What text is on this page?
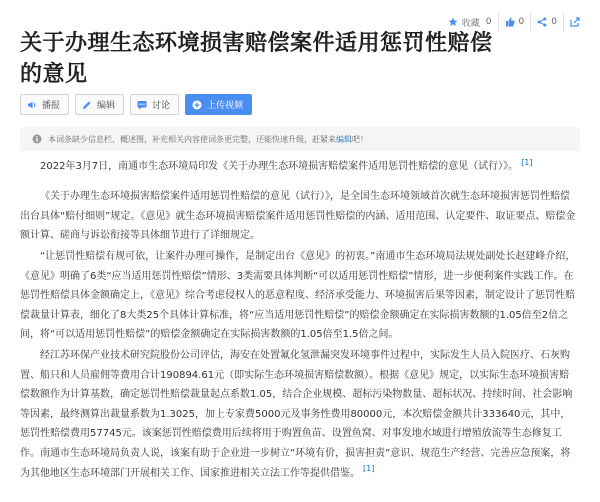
收藏 0	0	0
关于办理生态环境损害赔偿案件适用惩罚性赔偿的意见
播报	编辑	讨论	上传视频
本词条缺少信息栏、概述图，补充相关内容使词条更完整，还能快速升级，赶紧来 编辑 吧！
2022年3月7日，南通市生态环境局印发《关于办理生态环境损害赔偿案件适用惩罚性赔偿的意见（试行）》。 [1]
《关于办理生态环境损害赔偿案件适用惩罚性赔偿的意见（试行）》，是全国生态环境领域首次就生态环境损害惩罚性赔偿出台具体“赔付细则”规定。《意见》就生态环境损害赔偿案件适用惩罚性赔偿的内涵、适用范围、认定要件、取证要点、赔偿金额计算、磋商与诉讼衔接等具体细节进行了详细规定。
“让惩罚性赔偿有规可依，让案件办理可操作，是制定出台《意见》的初衷。”南通市生态环境局法规处副处长赵建峰介绍，《意见》明确了6类“应当适用惩罚性赔偿”情形、3类需要具体判断“可以适用惩罚性赔偿”情形，进一步便利案件实践工作。在惩罚性赔偿具体金额确定上，《意见》综合考虑侵权人的恶意程度、经济承受能力、环境损害后果等因素，制定设计了惩罚性赔偿裁量计算表，细化了8大类25个具体计算标准，将“应当适用惩罚性赔偿”的赔偿金额确定在实际损害数额的1.05倍至2倍之间，将“可以适用惩罚性赔偿”的赔偿金额确定在实际损害数额的1.05倍至1.5倍之间。
经江苏环保产业技术研究院股份公司评估，海安在处置氟化氢泄漏突发环境事件过程中，实际发生人员入院医疗、石灰购置、船只和人员雇佣等费用合计190894.61元（即实际生态环境损害赔偿数额）。根据《意见》规定，以实际生态环境损害赔偿数额作为计算基数，确定惩罚性赔偿裁量起点系数1.05，结合企业规模、超标污染物数量、超标状况、持续时间、社会影响等因素，最终测算出裁量系数为1.3025，加上专家费5000元及事务性费用80000元，本次赔偿金额共计333640元，其中，惩罚性赔偿费用57745元。该案惩罚性赔偿费用后续将用于购置鱼苗、设置鱼窝、对事发地水域进行增殖放流等生态修复工作。 南通市生态环境局负责人说，该案有助于企业进一步树立“环境有价，损害担责”意识、规范生产经营、完善应急预案，将为其他地区生态环境部门开展相关工作、国家推进相关立法工作等提供借鉴。 [1]
